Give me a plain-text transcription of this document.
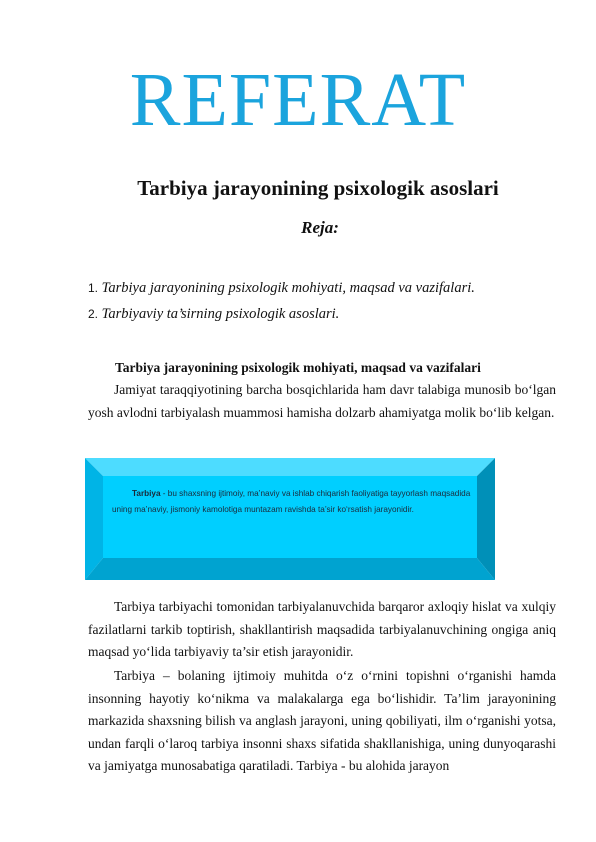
REFERAT
Tarbiya jarayonining psixologik asoslari
Reja:
1. Tarbiya jarayonining psixologik mohiyati, maqsad va vazifalari.
2. Tarbiyaviy ta’sirning psixologik asoslari.
Tarbiya jarayonining psixologik mohiyati, maqsad va vazifalari
Jamiyat taraqqiyotining barcha bosqichlarida ham davr talabiga munosib bo‘lgan yosh avlodni tarbiyalash muammosi hamisha dolzarb ahamiyatga molik bo‘lib kelgan.
Tarbiya - bu shaxsning ijtimoiy, ma’naviy va ishlab chiqarish faoliyatiga tayyorlash maqsadida uning ma’naviy, jismoniy kamolotiga muntazam ravishda ta’sir ko‘rsatish jarayonidir.
Tarbiya tarbiyachi tomonidan tarbiyalanuvchida barqaror axloqiy hislat va xulqiy fazilatlarni tarkib toptirish, shakllantirish maqsadida tarbiyalanuvchining ongiga aniq maqsad yo‘lida tarbiyaviy ta’sir etish jarayonidir.
Tarbiya – bolaning ijtimoiy muhitda o‘z o‘rnini topishni o‘rganishi hamda insonning hayotiy ko‘nikma va malakalarga ega bo‘lishidir. Ta’lim jarayonining markazida shaxsning bilish va anglash jarayoni, uning qobiliyati, ilm o‘rganishi yotsa, undan farqli o‘laroq tarbiya insonni shaxs sifatida shakllanishiga, uning dunyoqarashi va jamiyatga munosabatiga qaratiladi. Tarbiya - bu alohida jarayon
